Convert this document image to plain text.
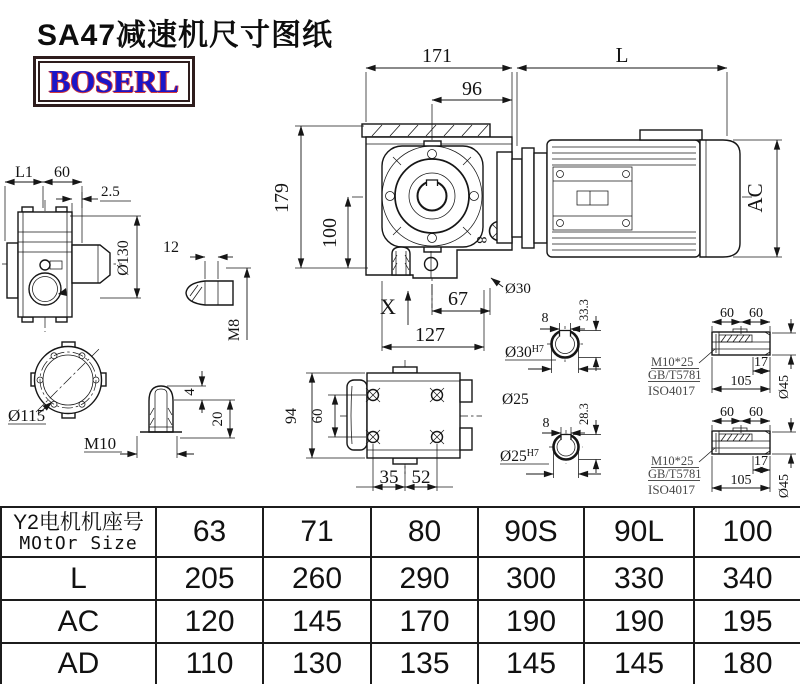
SA47减速机尺寸图纸
BOSERL
L1 60
2.5
Ø130 12
M8
Ø115
4
20
M10
8
171
96
L
179
100
X	67
127
Ø30
AC
94 60
35 52
8 33.3
$Ø30^{H7}$
Ø25
8 28.3
$Ø25^{H7}$
60 60
17
105 Ø45
M10*25
GB/T5781
ISO4017
60 60
17
105 Ø45
M10*25
GB/T5781
ISO4017
Y2电机机座号
MOtOr Size	63	71	80	90S	90L	100
L	205	260	290	300	330	340
AC	120	145	170	190	190	195
AD	110	130	135	145	145	180
